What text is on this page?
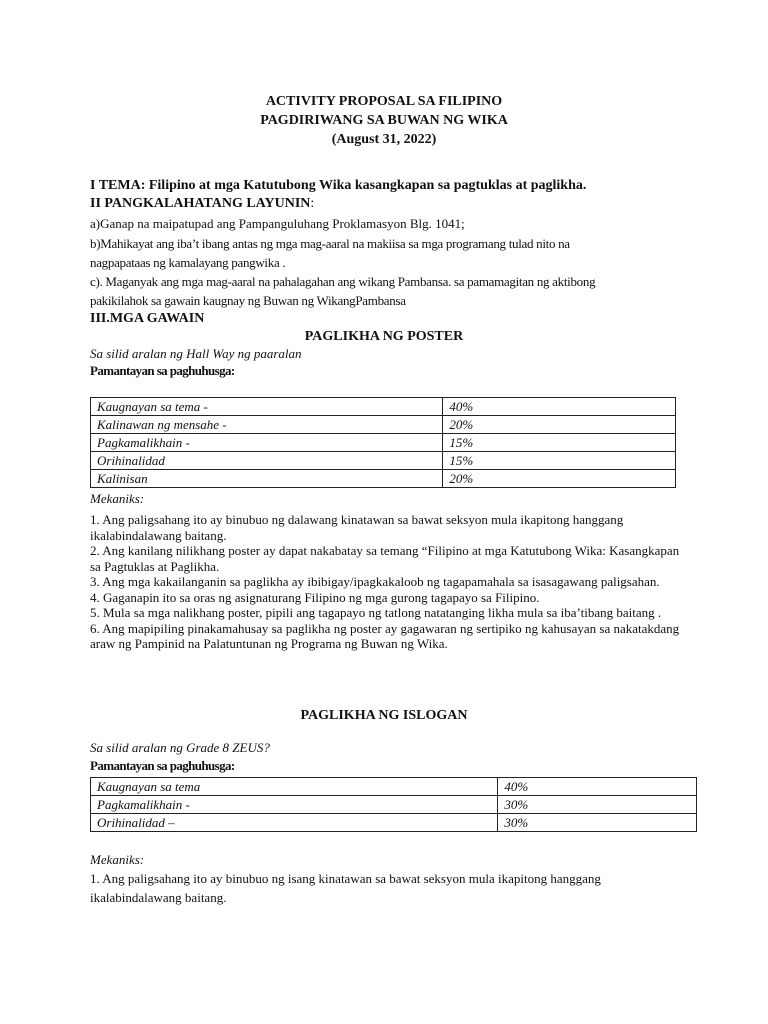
ACTIVITY PROPOSAL SA FILIPINO
PAGDIRIWANG SA BUWAN NG WIKA
(August 31, 2022)
I TEMA: Filipino at mga Katutubong Wika kasangkapan sa pagtuklas at paglikha.
II PANGKALAHATANG LAYUNIN:
a)Ganap na maipatupad ang Pampanguluhang Proklamasyon Blg. 1041;
b)Mahikayat ang iba’t ibang antas ng mga mag-aaral na makiisa sa mga programang tulad nito na
nagpapataas ng kamalayang pangwika .
c). Maganyak ang mga mag-aaral na pahalagahan ang wikang Pambansa. sa pamamagitan ng aktibong
pakikilahok sa gawain kaugnay ng Buwan ng WikangPambansa
III.MGA GAWAIN
PAGLIKHA NG POSTER
Sa silid aralan ng Hall Way ng paaralan
Pamantayan sa paghuhusga:
Kaugnayan sa tema -	40%
Kalinawan ng mensahe -	20%
Pagkamalikhain -	15%
Orihinalidad	15%
Kalinisan	20%
Mekaniks:

1. Ang paligsahang ito ay binubuo ng dalawang kinatawan sa bawat seksyon mula ikapitong hanggang ikalabindalawang baitang.

2. Ang kanilang nilikhang poster ay dapat nakabatay sa temang “Filipino at mga Katutubong Wika: Kasangkapan sa Pagtuklas at Paglikha.

3. Ang mga kakailanganin sa paglikha ay ibibigay/ipagkakaloob ng tagapamahala sa isasagawang paligsahan.

4. Gaganapin ito sa oras ng asignaturang Filipino ng mga gurong tagapayo sa Filipino.

5. Mula sa mga nalikhang poster, pipili ang tagapayo ng tatlong natatanging likha mula sa iba’tibang baitang .

6. Ang mapipiling pinakamahusay sa paglikha ng poster ay gagawaran ng sertipiko ng kahusayan sa nakatakdang araw ng Pampinid na Palatuntunan ng Programa ng Buwan ng Wika.

PAGLIKHA NG ISLOGAN
Sa silid aralan ng Grade 8 ZEUS?
Pamantayan sa paghuhusga:
Kaugnayan sa tema	40%
Pagkamalikhain -	30%
Orihinalidad –	30%
Mekaniks:
1. Ang paligsahang ito ay binubuo ng isang kinatawan sa bawat seksyon mula ikapitong hanggang
ikalabindalawang baitang.
